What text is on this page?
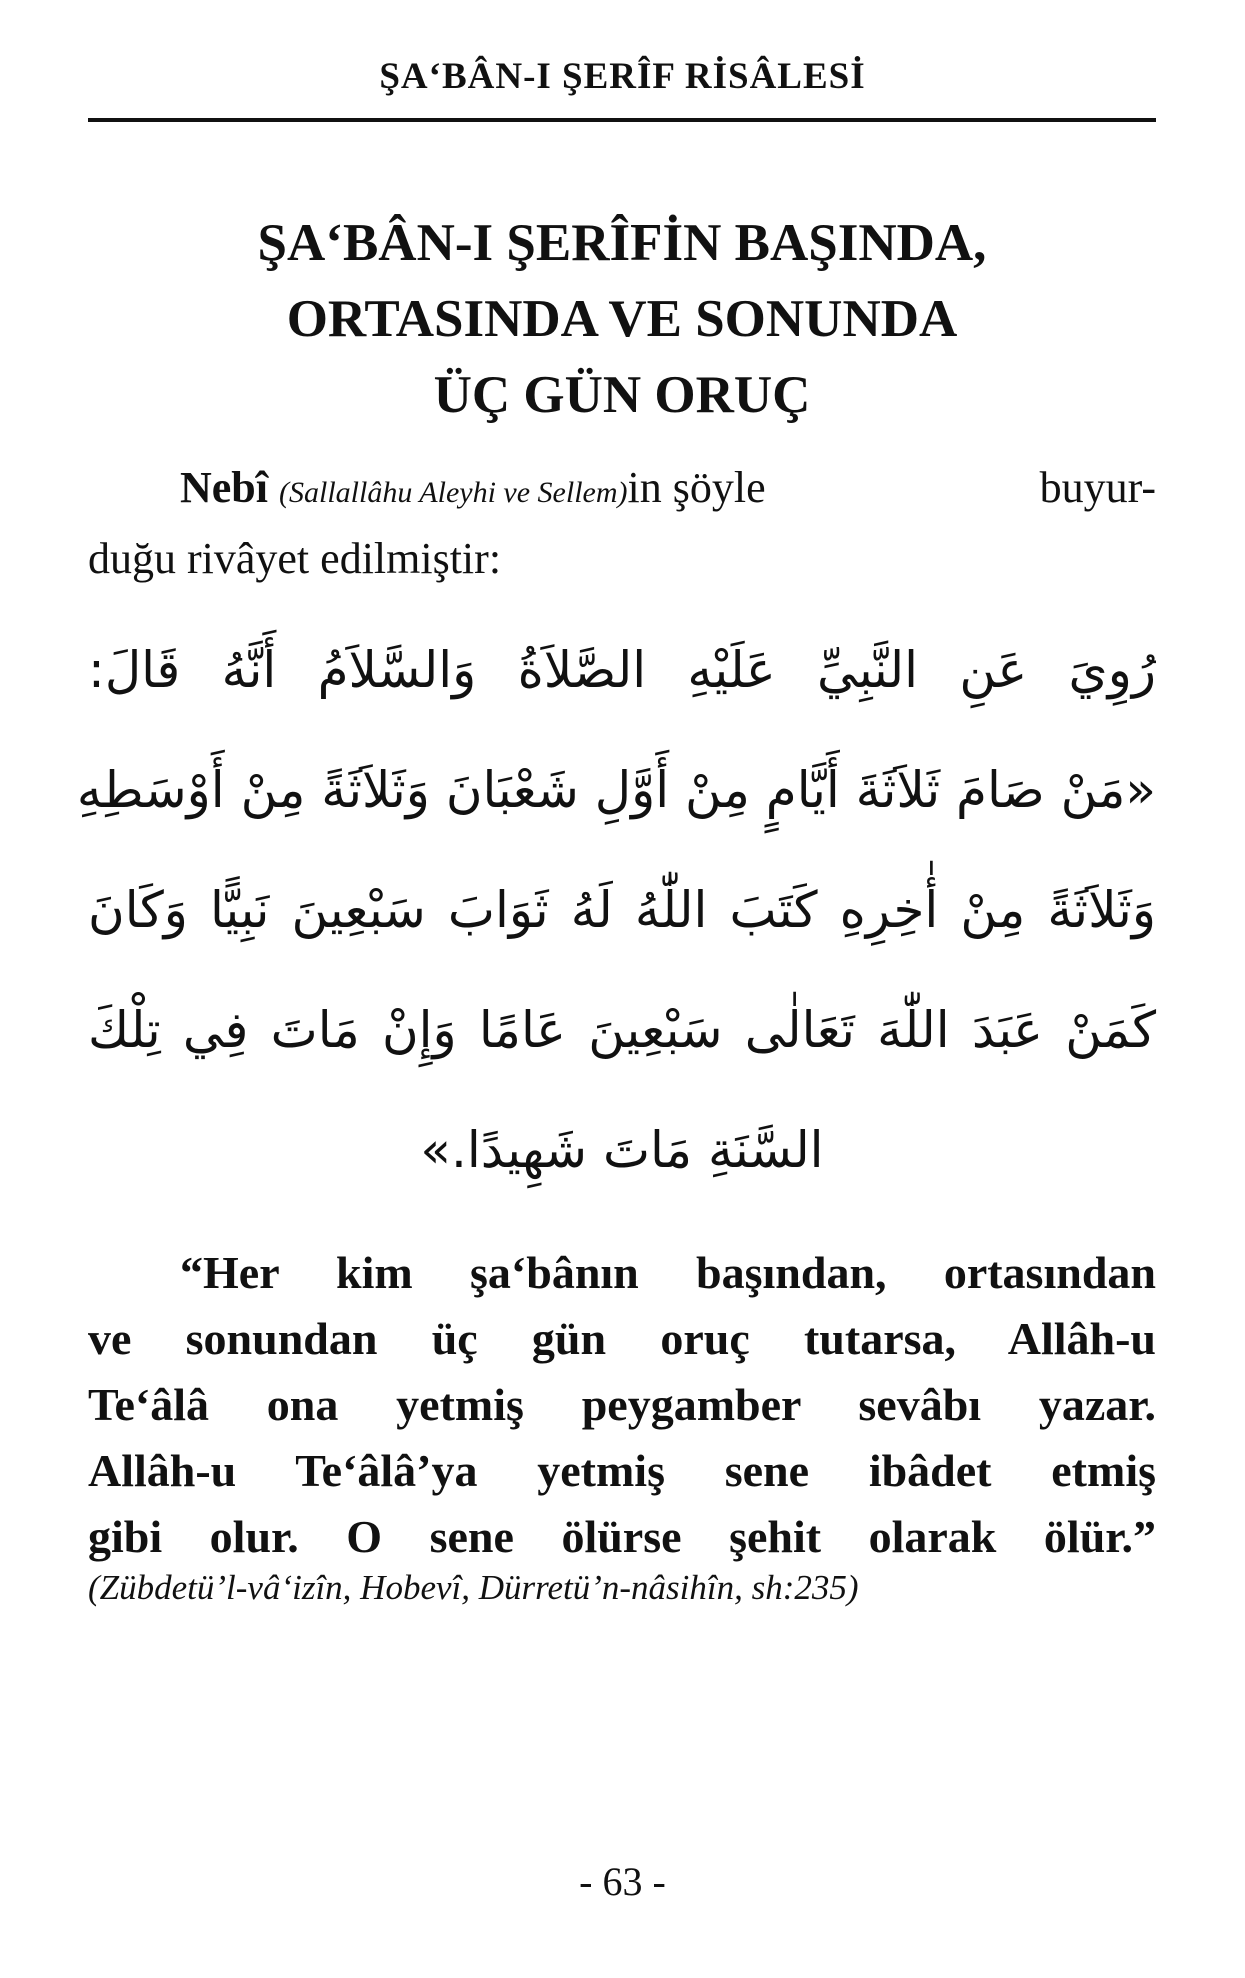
ŞA‘BÂN-I ŞERÎF RİSÂLESİ
ŞA‘BÂN-I ŞERÎFİN BAŞINDA,
ORTASINDA VE SONUNDA
ÜÇ GÜN ORUÇ
Nebî (Sallallâhu Aleyhi ve Sellem)in şöyle	buyur-
duğu rivâyet edilmiştir:
رُوِيَ عَنِ النَّبِيِّ عَلَيْهِ الصَّلاَةُ وَالسَّلاَمُ أَنَّهُ قَالَ:
«مَنْ صَامَ ثَلاَثَةَ أَيَّامٍ مِنْ أَوَّلِ شَعْبَانَ وَثَلاَثَةً مِنْ أَوْسَطِهِ
وَثَلاَثَةً مِنْ أٰخِرِهِ كَتَبَ اللّٰهُ لَهُ ثَوَابَ سَبْعِينَ نَبِيًّا وَكَانَ
كَمَنْ عَبَدَ اللّٰهَ تَعَالٰى سَبْعِينَ عَامًا وَإِنْ مَاتَ فِي تِلْكَ
السَّنَةِ مَاتَ شَهِيدًا.»
“Her kim şa‘bânın başından, ortasından
ve sonundan üç gün oruç tutarsa, Allâh-u
Te‘âlâ ona yetmiş peygamber sevâbı yazar.
Allâh-u Te‘âlâ’ya yetmiş sene ibâdet etmiş
gibi olur. O sene ölürse şehit olarak ölür.”
(Zübdetü’l-vâ‘izîn, Hobevî, Dürretü’n-nâsihîn, sh:235)
- 63 -
